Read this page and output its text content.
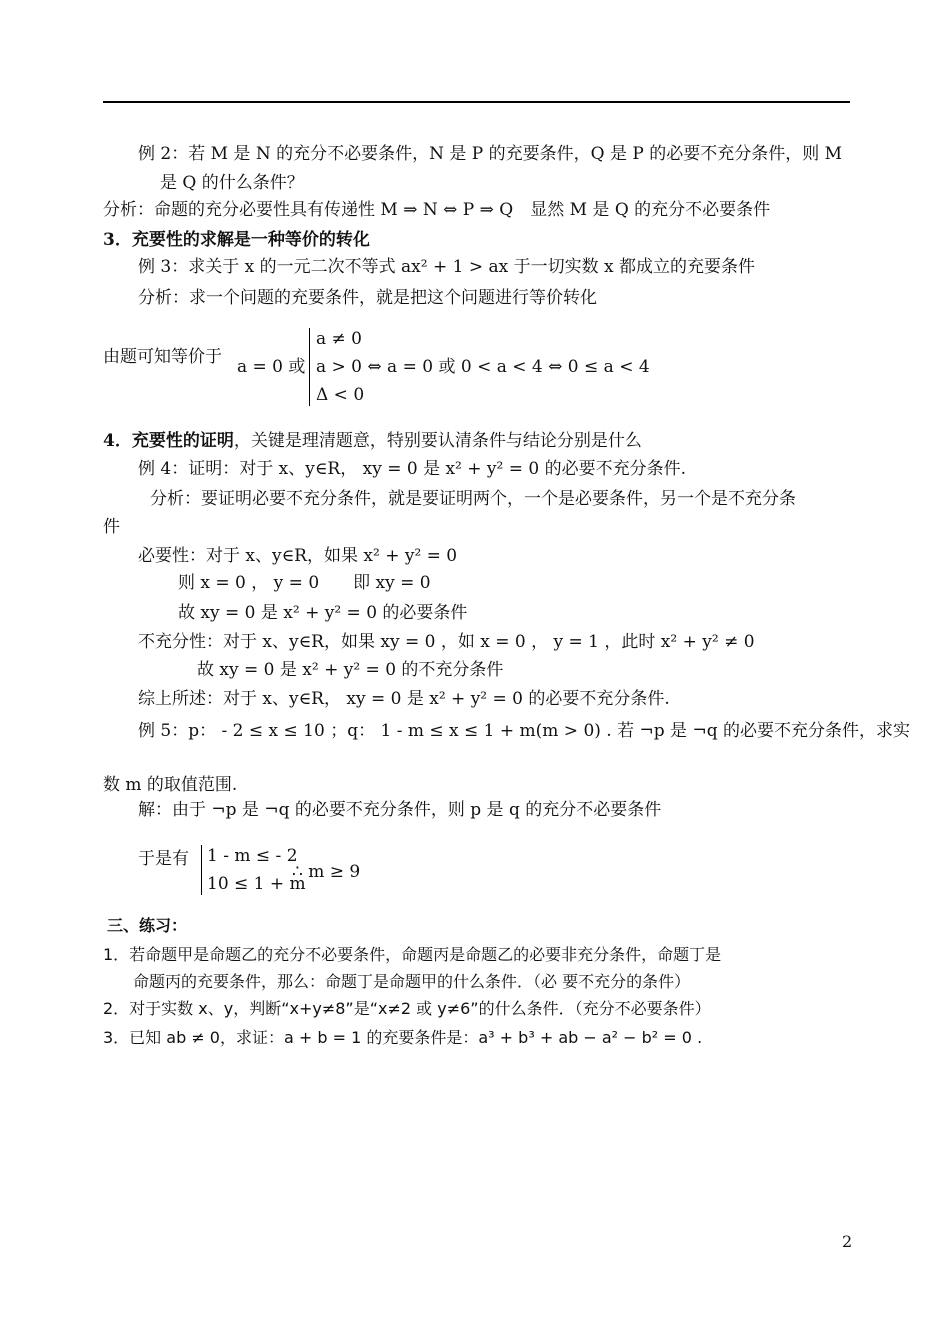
例 2：若 M 是 N 的充分不必要条件，N 是 P 的充要条件，Q 是 P 的必要不充分条件，则 M
是 Q 的什么条件？
分析：命题的充分必要性具有传递性 M ⇒ N ⇔ P ⇒ Q　显然 M 是 Q 的充分不必要条件
3．充要性的求解是一种等价的转化
例 3：求关于 x 的一元二次不等式 ax² + 1 > ax 于一切实数 x 都成立的充要条件
分析：求一个问题的充要条件，就是把这个问题进行等价转化
由题可知等价于 a = 0 或
a ≠ 0
a > 0 ⇔ a = 0 或 0 < a < 4 ⇔ 0 ≤ a < 4
Δ < 0
4．充要性的证明，关键是理清题意，特别要认清条件与结论分别是什么
例 4：证明：对于 x、y∈R， xy = 0 是 x² + y² = 0 的必要不充分条件.
分析：要证明必要不充分条件，就是要证明两个，一个是必要条件，另一个是不充分条
件
必要性：对于 x、y∈R，如果 x² + y² = 0
则 x = 0 ， y = 0　　即 xy = 0
故 xy = 0 是 x² + y² = 0 的必要条件
不充分性：对于 x、y∈R，如果 xy = 0 ，如 x = 0 ， y = 1 ，此时 x² + y² ≠ 0
故 xy = 0 是 x² + y² = 0 的不充分条件
综上所述：对于 x、y∈R， xy = 0 是 x² + y² = 0 的必要不充分条件.
例 5：p： - 2 ≤ x ≤ 10 ；q： 1 - m ≤ x ≤ 1 + m(m > 0) . 若 ¬p 是 ¬q 的必要不充分条件，求实
数 m 的取值范围.
解：由于 ¬p 是 ¬q 的必要不充分条件，则 p 是 q 的充分不必要条件
于是有 1 - m ≤ - 2
10 ≤ 1 + m
∴ m ≥ 9
三、练习：
1．若命题甲是命题乙的充分不必要条件，命题丙是命题乙的必要非充分条件，命题丁是
命题丙的充要条件，那么：命题丁是命题甲的什么条件．（必 要不充分的条件）
2．对于实数 x、y，判断“x+y≠8”是“x≠2 或 y≠6”的什么条件．（充分不必要条件）
3．已知 ab ≠ 0，求证：a + b = 1 的充要条件是：a³ + b³ + ab − a² − b² = 0 .
2
